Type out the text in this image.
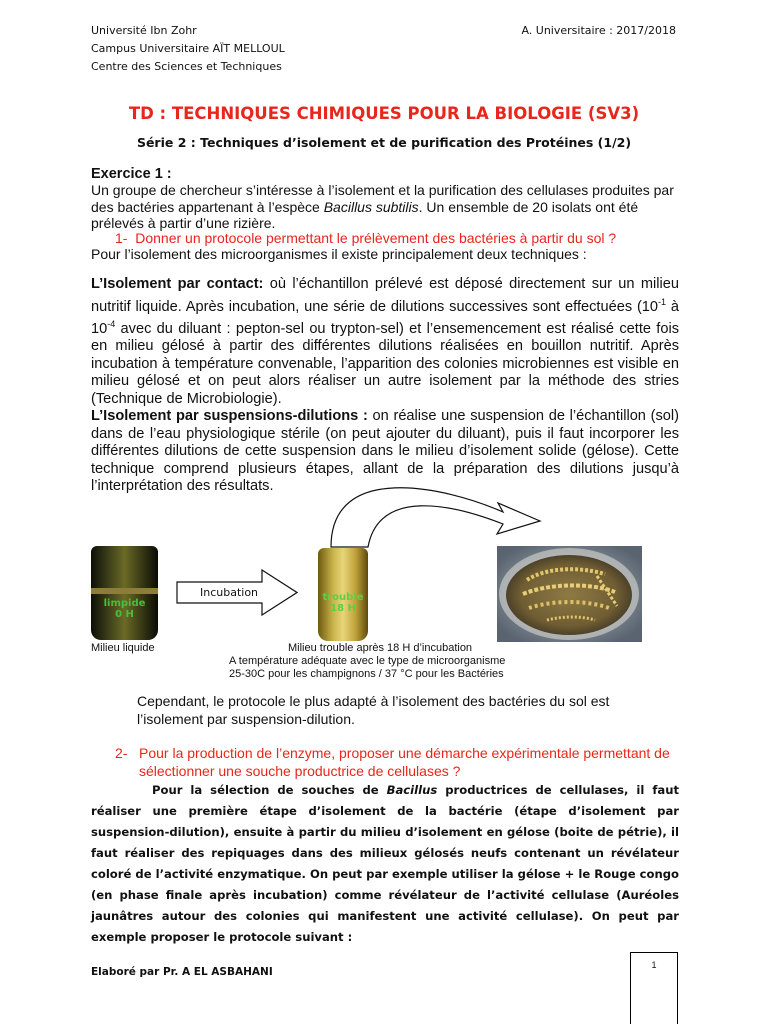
Université Ibn Zohr
Campus Universitaire AÏT MELLOUL
Centre des Sciences et Techniques
A. Universitaire : 2017/2018
TD : TECHNIQUES CHIMIQUES POUR LA BIOLOGIE (SV3)
Série 2 : Techniques d’isolement et de purification des Protéines (1/2)
Exercice 1 :
Un groupe de chercheur s’intéresse à l’isolement et la purification des cellulases produites par des bactéries appartenant à l’espèce Bacillus subtilis. Un ensemble de 20 isolats ont été prélevés à partir d’une rizière.
1- Donner un protocole permettant le prélèvement des bactéries à partir du sol ?
Pour l’isolement des microorganismes il existe principalement deux techniques :
L’Isolement par contact: où l’échantillon prélevé est déposé directement sur un milieu nutritif liquide. Après incubation, une série de dilutions successives sont effectuées ($10^{-1}$ à $10^{-4}$ avec du diluant : pepton-sel ou trypton-sel) et l’ensemencement est réalisé cette fois en milieu gélosé à partir des différentes dilutions réalisées en bouillon nutritif. Après incubation à température convenable, l’apparition des colonies microbiennes est visible en milieu gélosé et on peut alors réaliser un autre isolement par la méthode des stries (Technique de Microbiologie).
L’Isolement par suspensions-dilutions : on réalise une suspension de l’échantillon (sol) dans de l’eau physiologique stérile (on peut ajouter du diluant), puis il faut incorporer les différentes dilutions de cette suspension dans le milieu d’isolement solide (gélose). Cette technique comprend plusieurs étapes, allant de la préparation des dilutions jusqu’à l’interprétation des résultats.
limpide
0 H
Incubation	trouble
18 H
Milieu liquide	Milieu trouble après 18 H d’incubation
A température adéquate avec le type de microorganisme
25-30C pour les champignons / 37 °C pour les Bactéries
Cependant, le protocole le plus adapté à l’isolement des bactéries du sol est l’isolement par suspension-dilution.
2- Pour la production de l’enzyme, proposer une démarche expérimentale permettant de sélectionner une souche productrice de cellulases ?
Pour la sélection de souches de Bacillus productrices de cellulases, il faut réaliser une première étape d’isolement de la bactérie (étape d’isolement par suspension-dilution), ensuite à partir du milieu d’isolement en gélose (boite de pétrie), il faut réaliser des repiquages dans des milieux gélosés neufs contenant un révélateur coloré de l’activité enzymatique. On peut par exemple utiliser la gélose + le Rouge congo (en phase finale après incubation) comme révélateur de l’activité cellulase (Auréoles jaunâtres autour des colonies qui manifestent une activité cellulase). On peut par exemple proposer le protocole suivant :
Elaboré par Pr. A EL ASBAHANI
1
